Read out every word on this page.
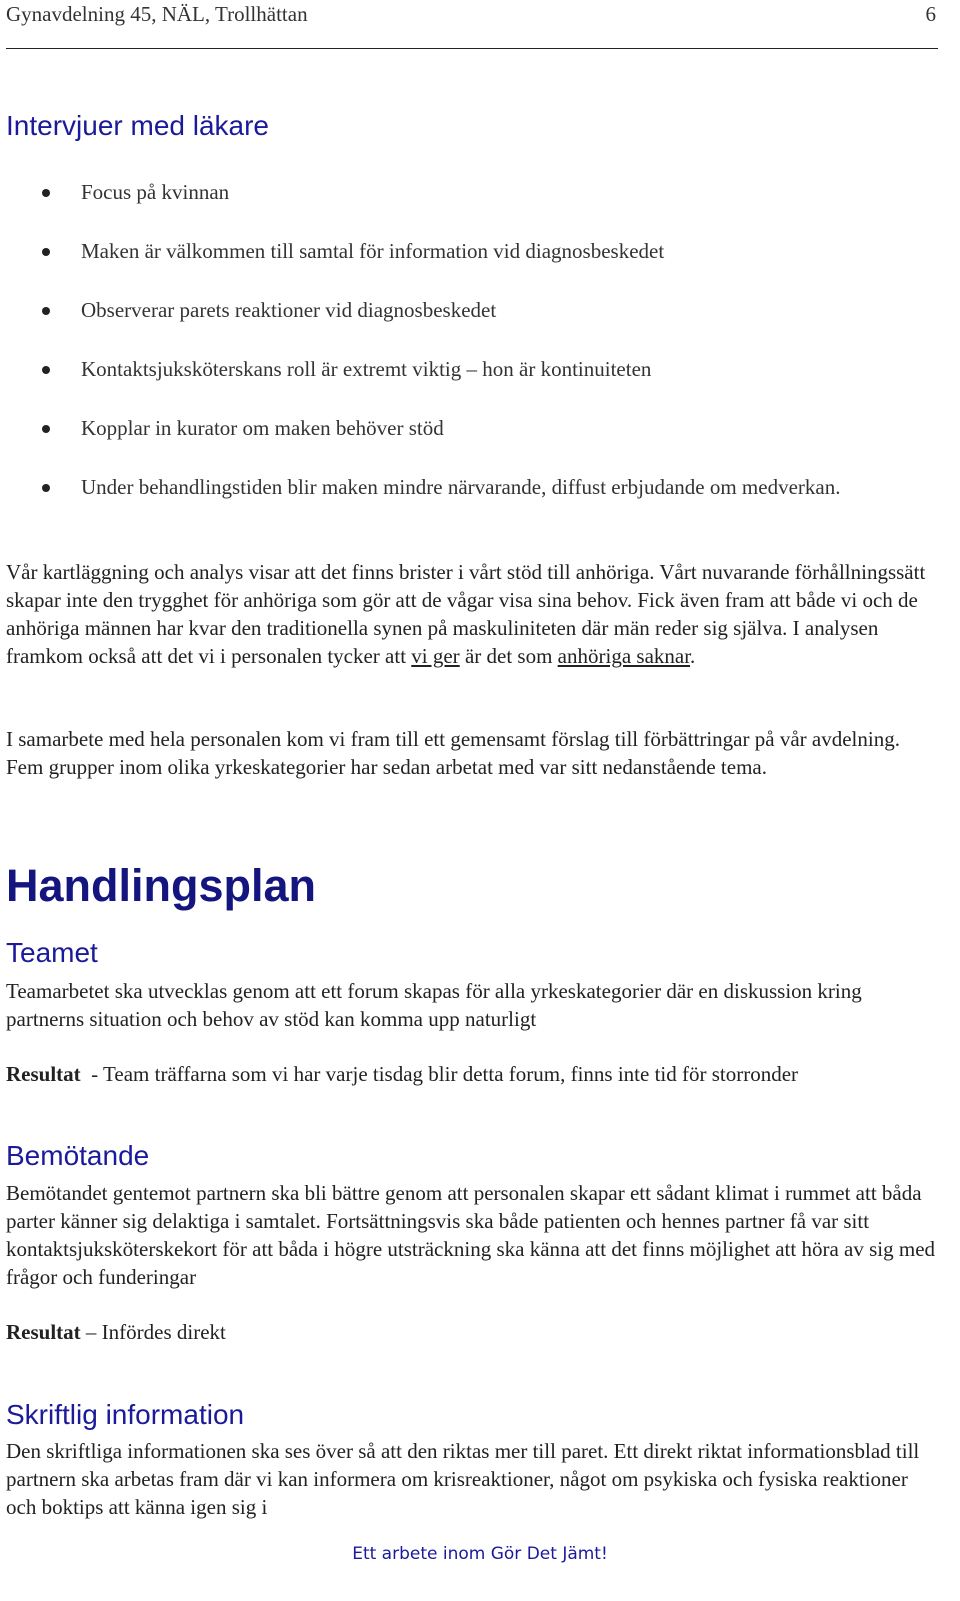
Gynavdelning 45, NÄL, Trollhättan	6
Intervjuer med läkare
Focus på kvinnan
Maken är välkommen till samtal för information vid diagnosbeskedet
Observerar parets reaktioner vid diagnosbeskedet
Kontaktsjuksköterskans roll är extremt viktig – hon är kontinuiteten
Kopplar in kurator om maken behöver stöd
Under behandlingstiden blir maken mindre närvarande, diffust erbjudande om medverkan.

Vår kartläggning och analys visar att det finns brister i vårt stöd till anhöriga. Vårt nuvarande förhållningssätt skapar inte den trygghet för anhöriga som gör att de vågar visa sina behov. Fick även fram att både vi och de anhöriga männen har kvar den traditionella synen på maskuliniteten där män reder sig själva. I analysen framkom också att det vi i personalen tycker att vi ger är det som anhöriga saknar.

I samarbete med hela personalen kom vi fram till ett gemensamt förslag till förbättringar på vår avdelning. Fem grupper inom olika yrkeskategorier har sedan arbetat med var sitt nedanstående tema.

Handlingsplan
Teamet

Teamarbetet ska utvecklas genom att ett forum skapas för alla yrkeskategorier där en diskussion kring partnerns situation och behov av stöd kan komma upp naturligt

Resultat  - Team träffarna som vi har varje tisdag blir detta forum, finns inte tid för storronder

Bemötande

Bemötandet gentemot partnern ska bli bättre genom att personalen skapar ett sådant klimat i rummet att båda parter känner sig delaktiga i samtalet. Fortsättningsvis ska både patienten och hennes partner få var sitt kontaktsjuksköterskekort för att båda i högre utsträckning ska känna att det finns möjlighet att höra av sig med frågor och funderingar

Resultat – Infördes direkt

Skriftlig information

Den skriftliga informationen ska ses över så att den riktas mer till paret. Ett direkt riktat informationsblad till partnern ska arbetas fram där vi kan informera om krisreaktioner, något om psykiska och fysiska reaktioner och boktips att känna igen sig i

Ett arbete inom Gör Det Jämt!
